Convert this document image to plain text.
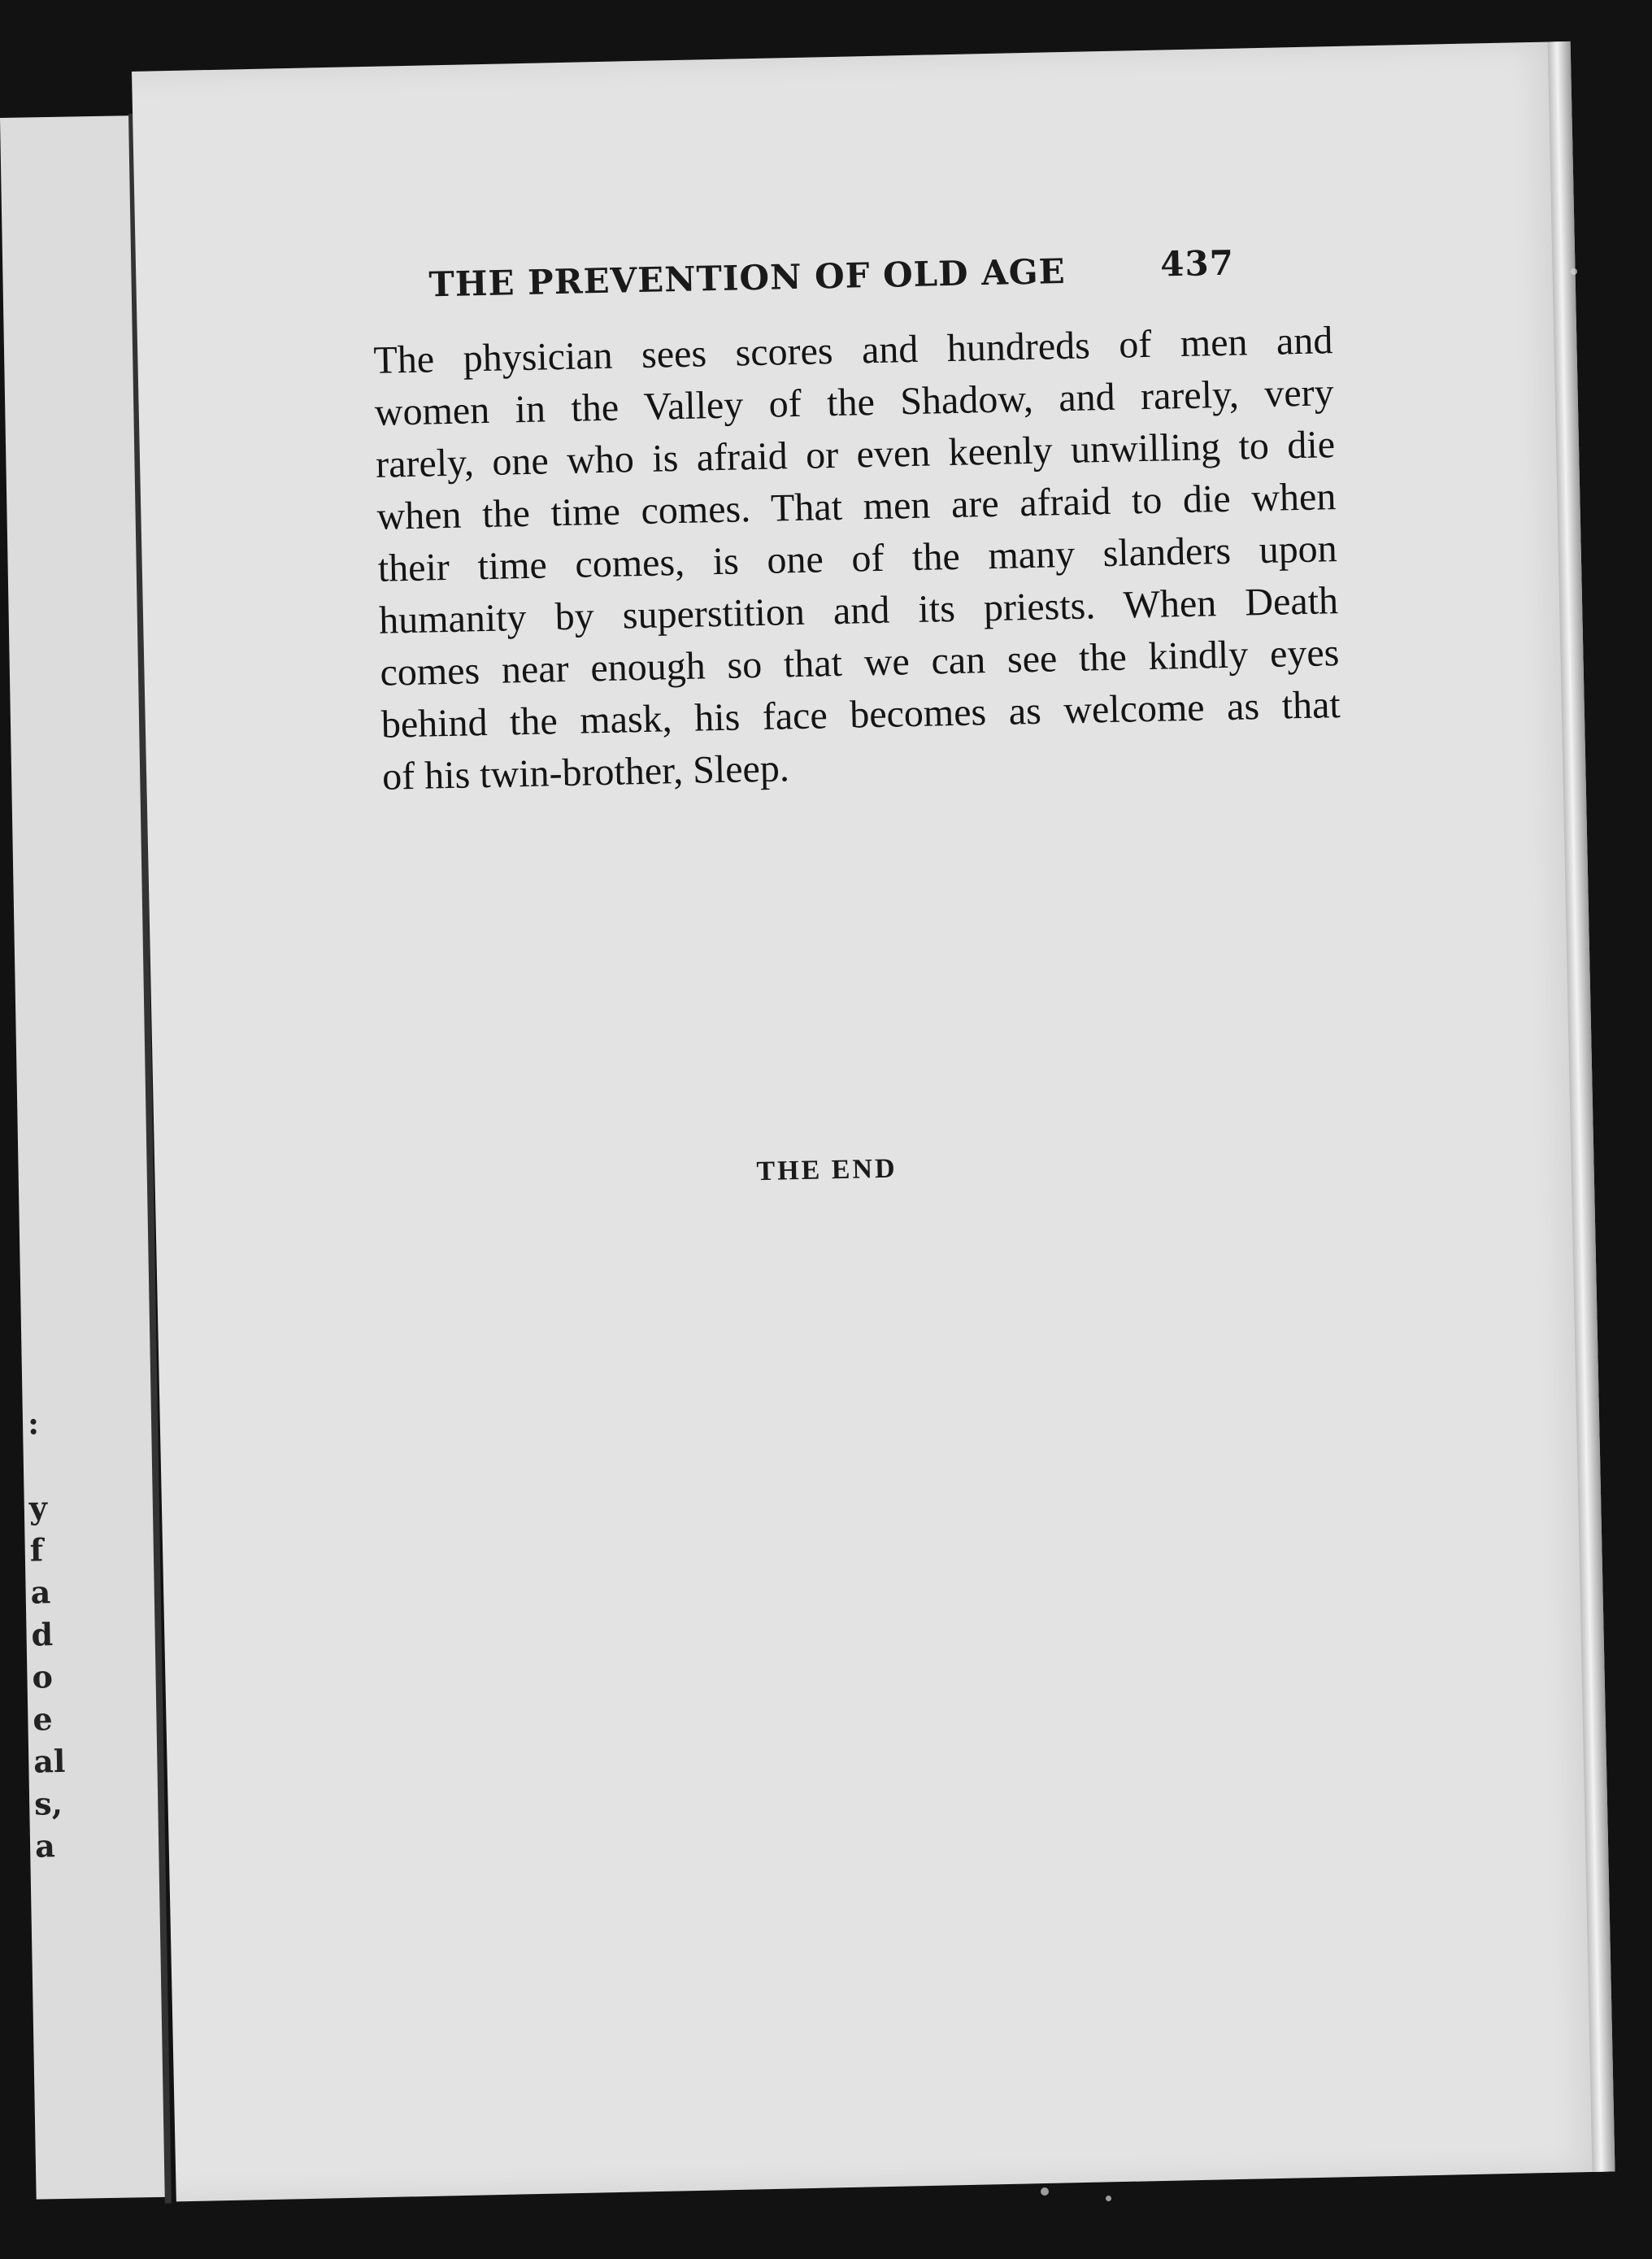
:

y
f
a
d
o
e
al
s,
a
THE PREVENTION OF OLD AGE	437
The physician sees scores and hundreds of men and
women in the Valley of the Shadow, and rarely, very
rarely, one who is afraid or even keenly unwilling to die
when the time comes. That men are afraid to die when
their time comes, is one of the many slanders upon
humanity by superstition and its priests. When Death
comes near enough so that we can see the kindly eyes
behind the mask, his face becomes as welcome as that
of his twin-brother, Sleep.
THE END
